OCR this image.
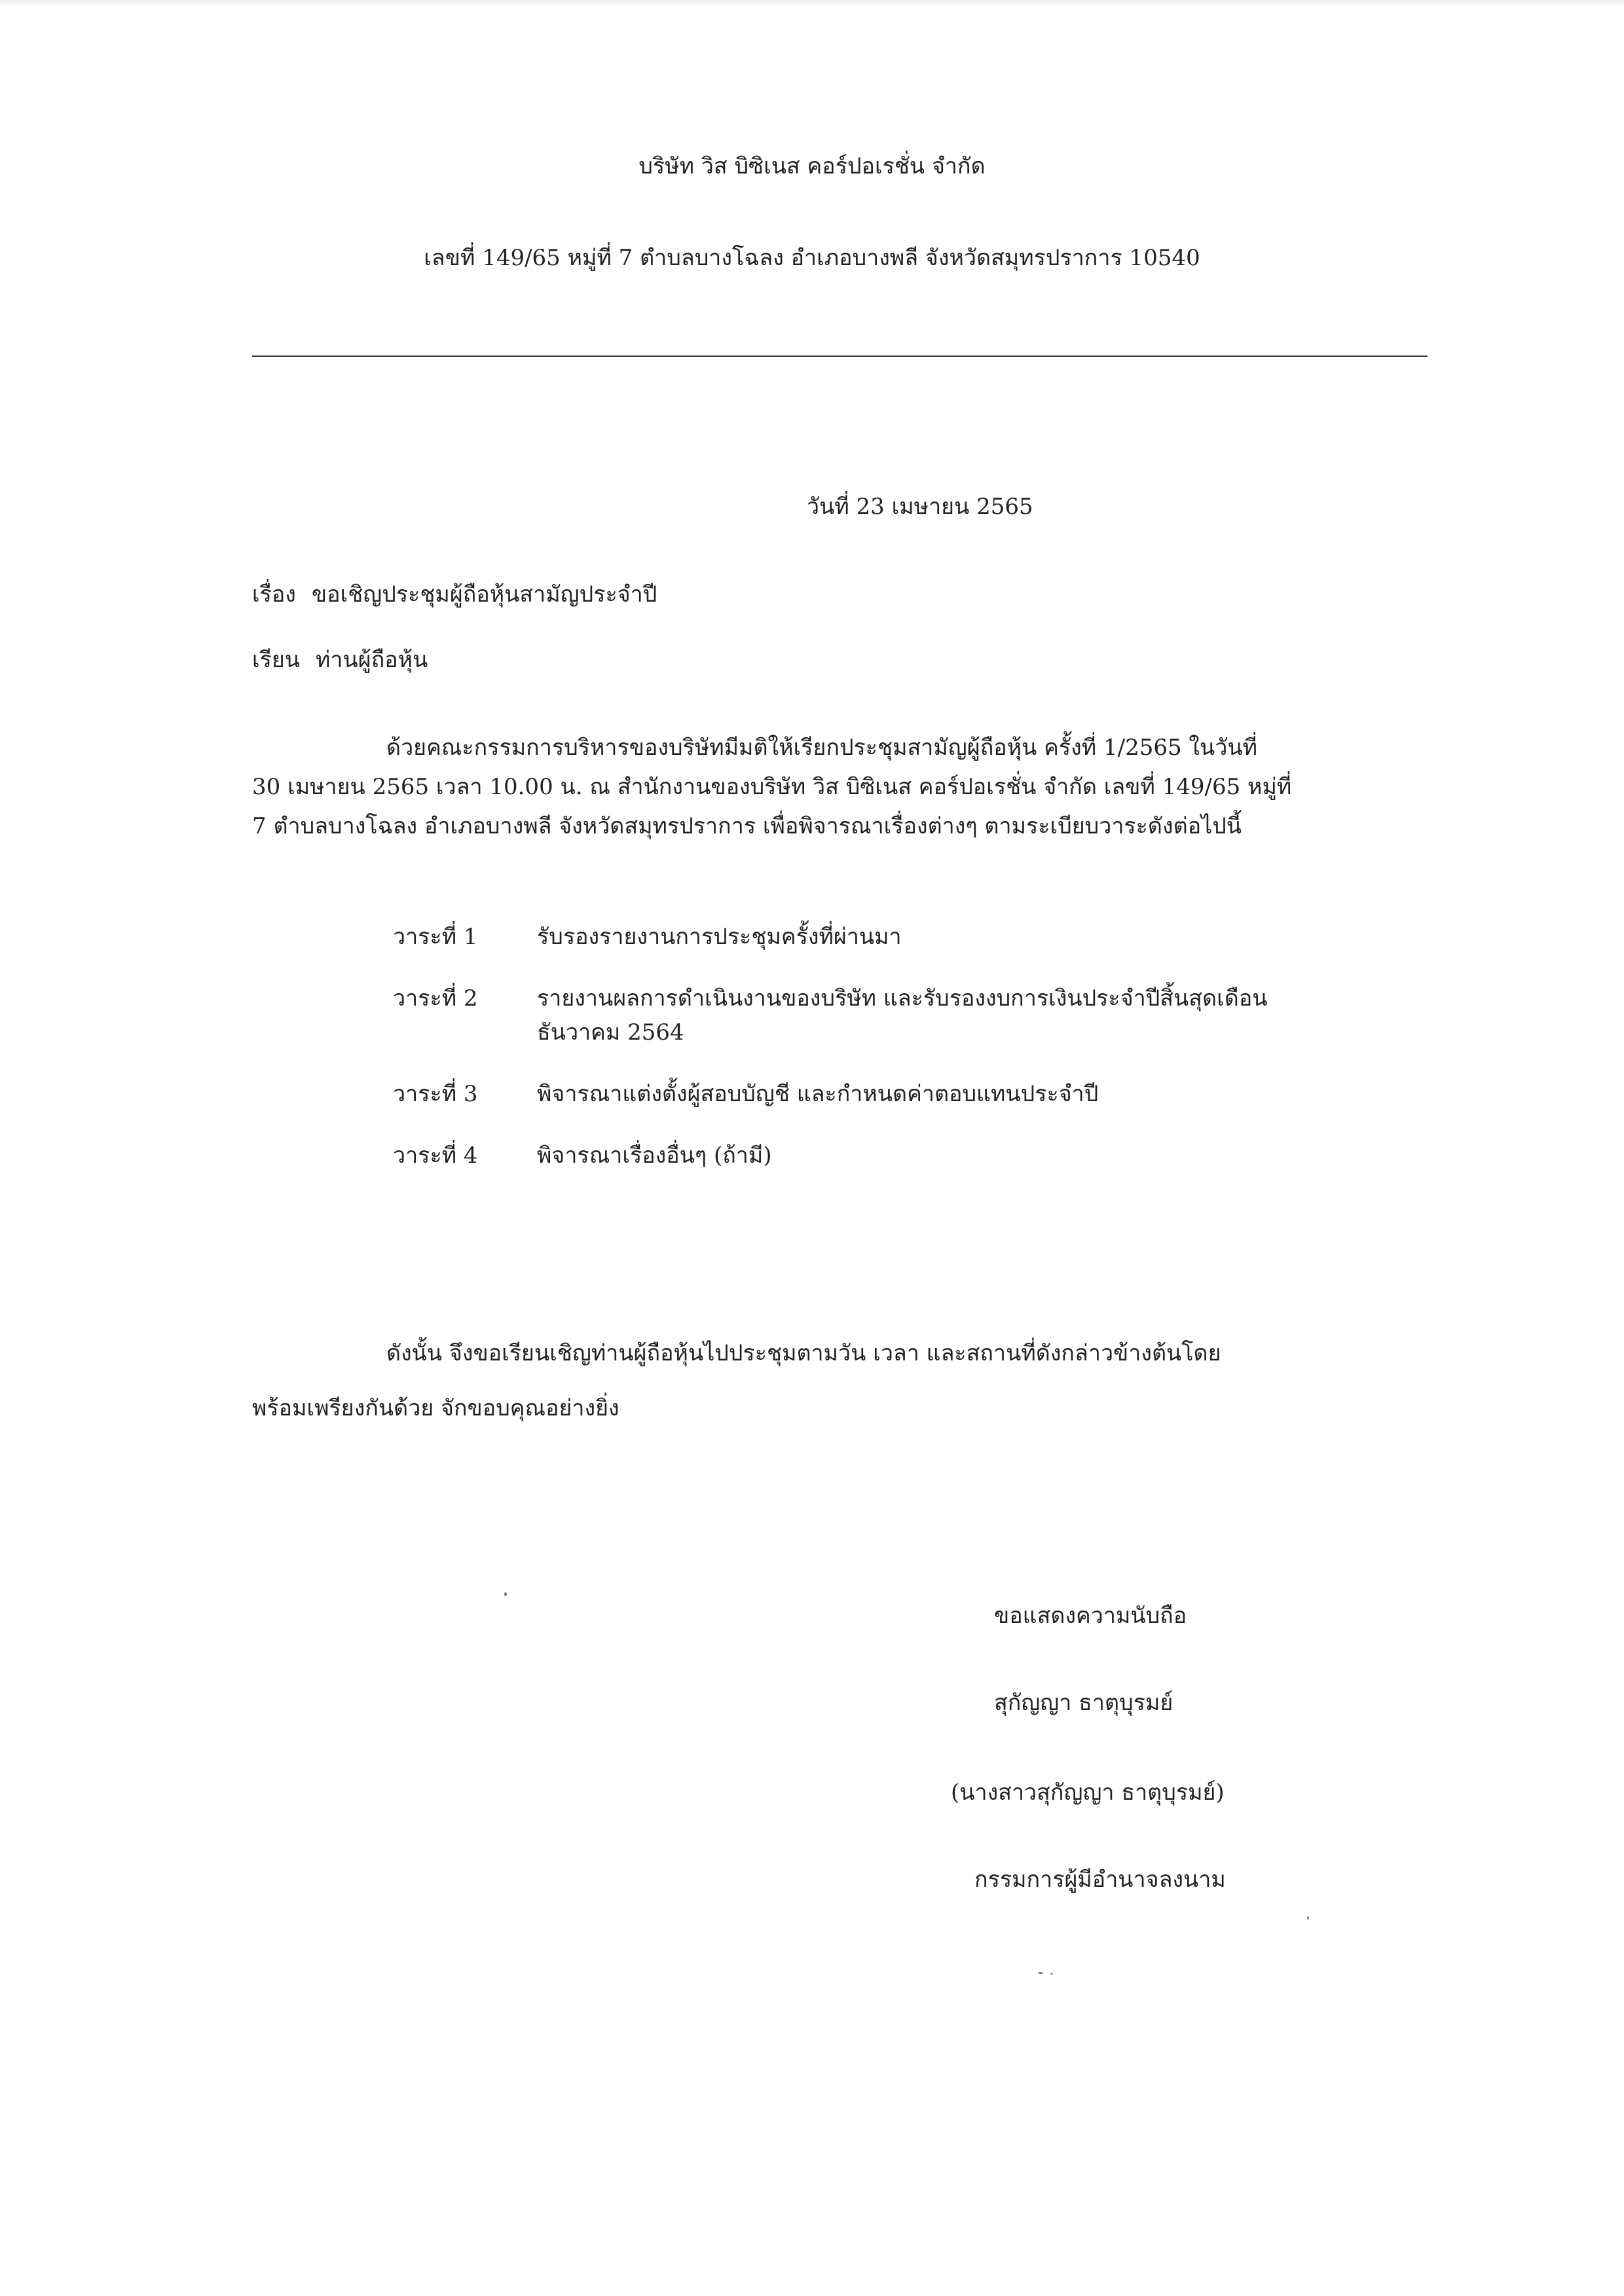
บริษัท วิส บิซิเนส คอร์ปอเรชั่น จำกัด
เลขที่ 149/65 หมู่ที่ 7 ตำบลบางโฉลง อำเภอบางพลี จังหวัดสมุทรปราการ 10540
วันที่ 23 เมษายน 2565
เรื่อง ขอเชิญประชุมผู้ถือหุ้นสามัญประจำปี
เรียน ท่านผู้ถือหุ้น
ด้วยคณะกรรมการบริหารของบริษัทมีมติให้เรียกประชุมสามัญผู้ถือหุ้น ครั้งที่ 1/2565 ในวันที่
30 เมษายน 2565 เวลา 10.00 น. ณ สำนักงานของบริษัท วิส บิซิเนส คอร์ปอเรชั่น จำกัด เลขที่ 149/65 หมู่ที่
7 ตำบลบางโฉลง อำเภอบางพลี จังหวัดสมุทรปราการ เพื่อพิจารณาเรื่องต่างๆ ตามระเบียบวาระดังต่อไปนี้
วาระที่ 1	รับรองรายงานการประชุมครั้งที่ผ่านมา
วาระที่ 2	รายงานผลการดำเนินงานของบริษัท และรับรองงบการเงินประจำปีสิ้นสุดเดือน
ธันวาคม 2564
วาระที่ 3	พิจารณาแต่งตั้งผู้สอบบัญชี และกำหนดค่าตอบแทนประจำปี
วาระที่ 4	พิจารณาเรื่องอื่นๆ (ถ้ามี)
ดังนั้น จึงขอเรียนเชิญท่านผู้ถือหุ้นไปประชุมตามวัน เวลา และสถานที่ดังกล่าวข้างต้นโดย
พร้อมเพรียงกันด้วย จักขอบคุณอย่างยิ่ง
ขอแสดงความนับถือ
สุกัญญา ธาตุบุรมย์
(นางสาวสุกัญญา ธาตุบุรมย์)
กรรมการผู้มีอำนาจลงนาม
